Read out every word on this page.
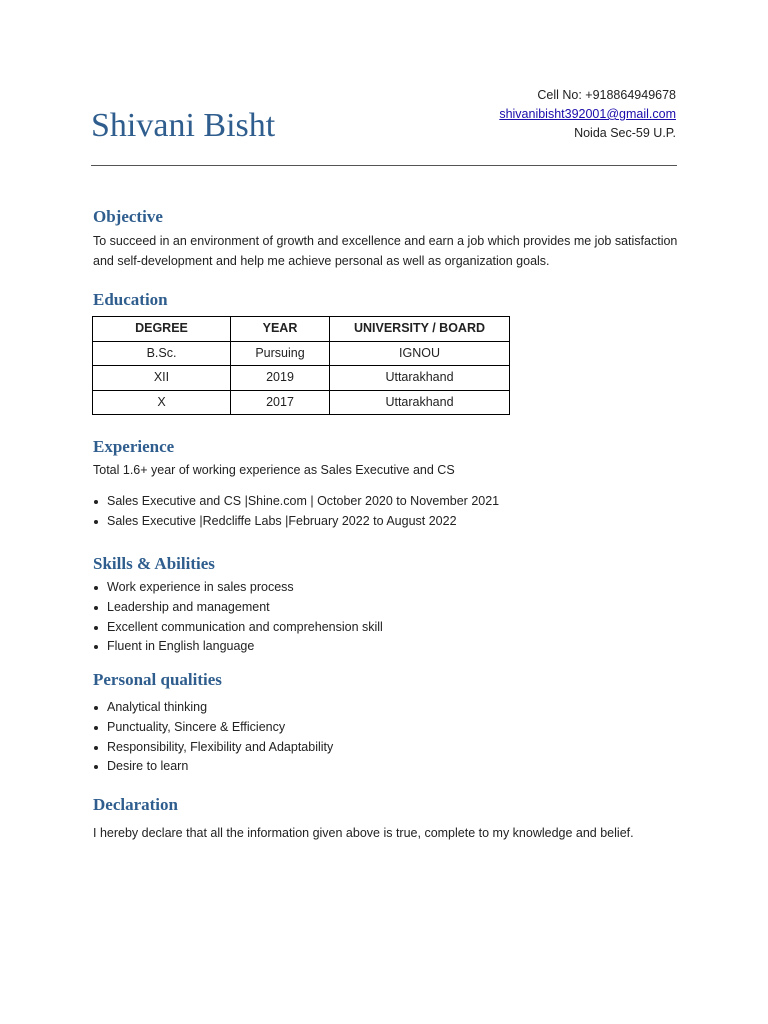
Shivani Bisht
Cell No: +918864949678
shivanibisht392001@gmail.com
Noida Sec-59 U.P.
Objective

To succeed in an environment of growth and excellence and earn a job which provides me job satisfaction and self-development and help me achieve personal as well as organization goals.

Education
DEGREE	YEAR	UNIVERSITY / BOARD
B.Sc.	Pursuing	IGNOU
XII	2019	Uttarakhand
X	2017	Uttarakhand
Experience

Total 1.6+ year of working experience as Sales Executive and CS

Sales Executive and CS |Shine.com | October 2020 to November 2021
Sales Executive |Redcliffe Labs |February 2022 to August 2022
Skills & Abilities
Work experience in sales process
Leadership and management
Excellent communication and comprehension skill
Fluent in English language
Personal qualities
Analytical thinking
Punctuality, Sincere & Efficiency
Responsibility, Flexibility and Adaptability
Desire to learn
Declaration

I hereby declare that all the information given above is true, complete to my knowledge and belief.
